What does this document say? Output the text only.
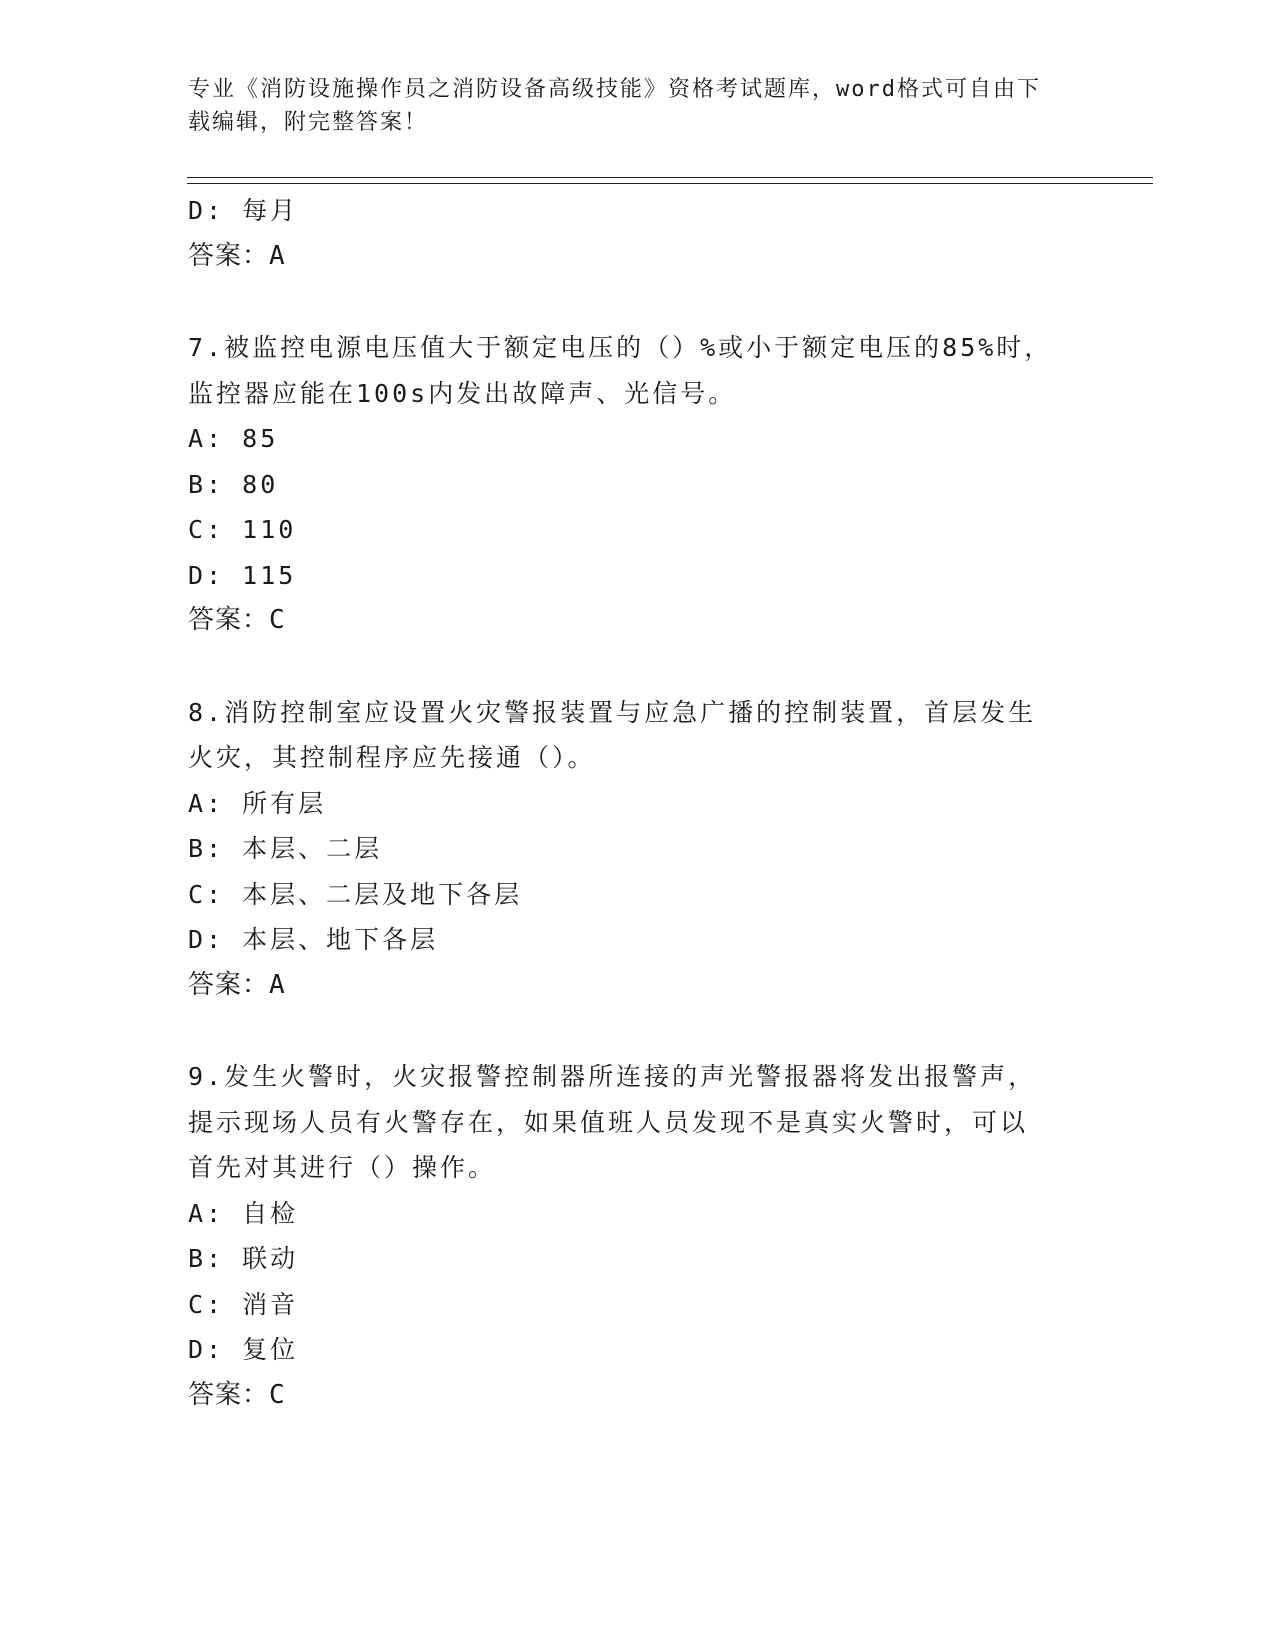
专业《消防设施操作员之消防设备高级技能》资格考试题库，word格式可自由下
载编辑，附完整答案！
D: 每月
答案：A
7.被监控电源电压值大于额定电压的（）%或小于额定电压的85%时，
监控器应能在100s内发出故障声、光信号。
A: 85
B: 80
C: 110
D: 115
答案：C
8.消防控制室应设置火灾警报装置与应急广播的控制装置，首层发生
火灾，其控制程序应先接通（）。
A: 所有层
B: 本层、二层
C: 本层、二层及地下各层
D: 本层、地下各层
答案：A
9.发生火警时，火灾报警控制器所连接的声光警报器将发出报警声，
提示现场人员有火警存在，如果值班人员发现不是真实火警时，可以
首先对其进行（）操作。
A: 自检
B: 联动
C: 消音
D: 复位
答案：C
